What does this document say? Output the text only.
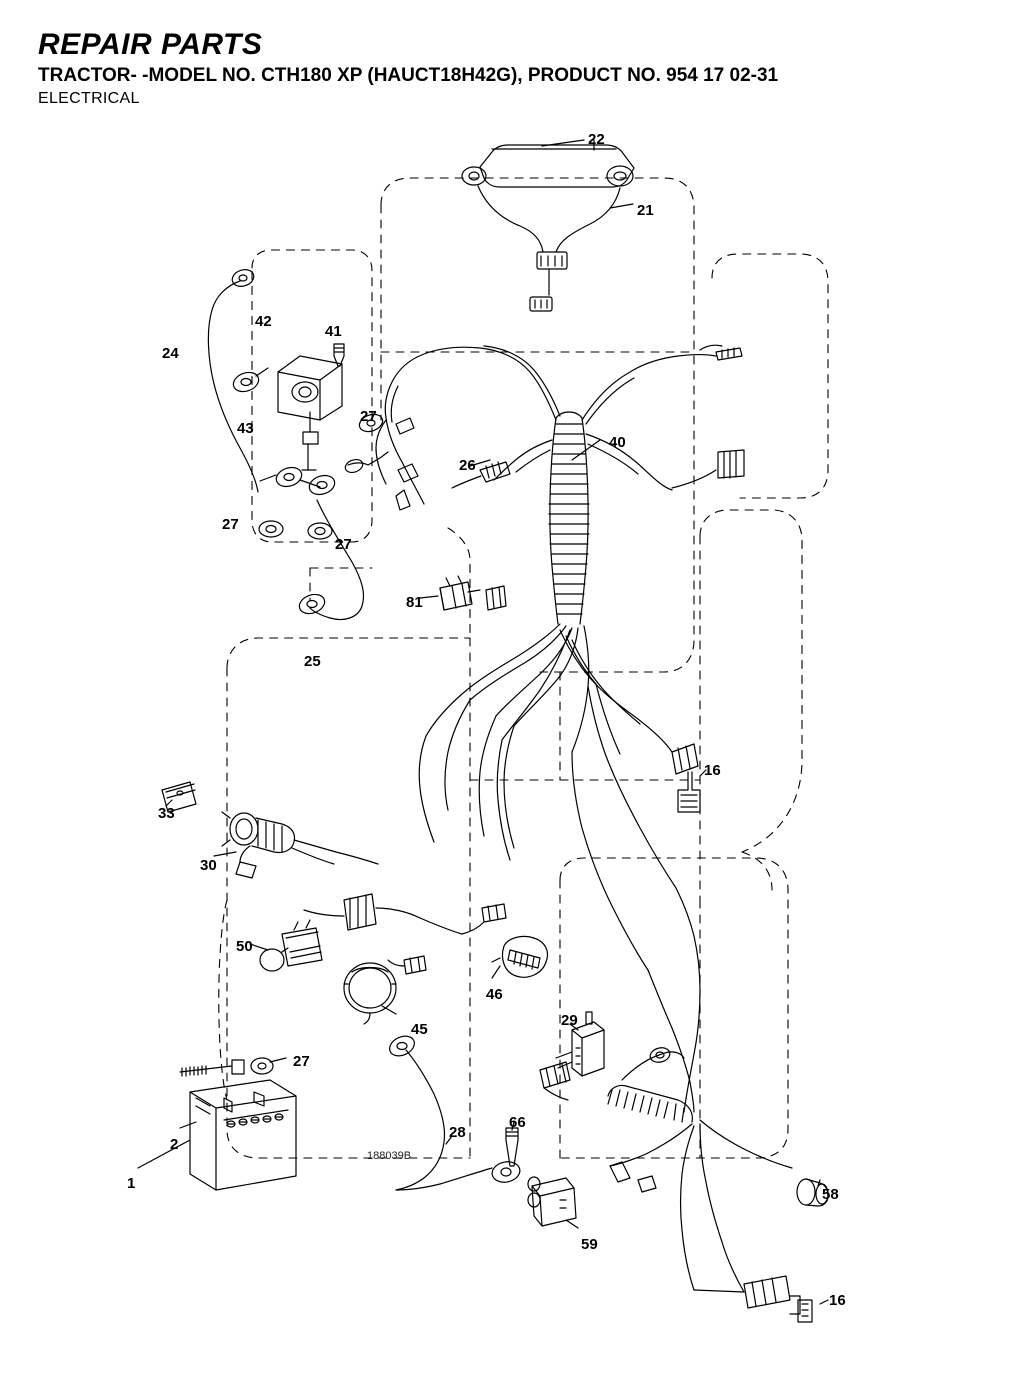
REPAIR PARTS
TRACTOR- -MODEL NO. CTH180 XP (HAUCT18H42G), PRODUCT NO. 954 17 02-31
ELECTRICAL
188039B
22
21
24
42
41
43
27
26
40
27
27
25
81
16
33
30
50
46
45
29
27
2
1
28
66
59
58
16
